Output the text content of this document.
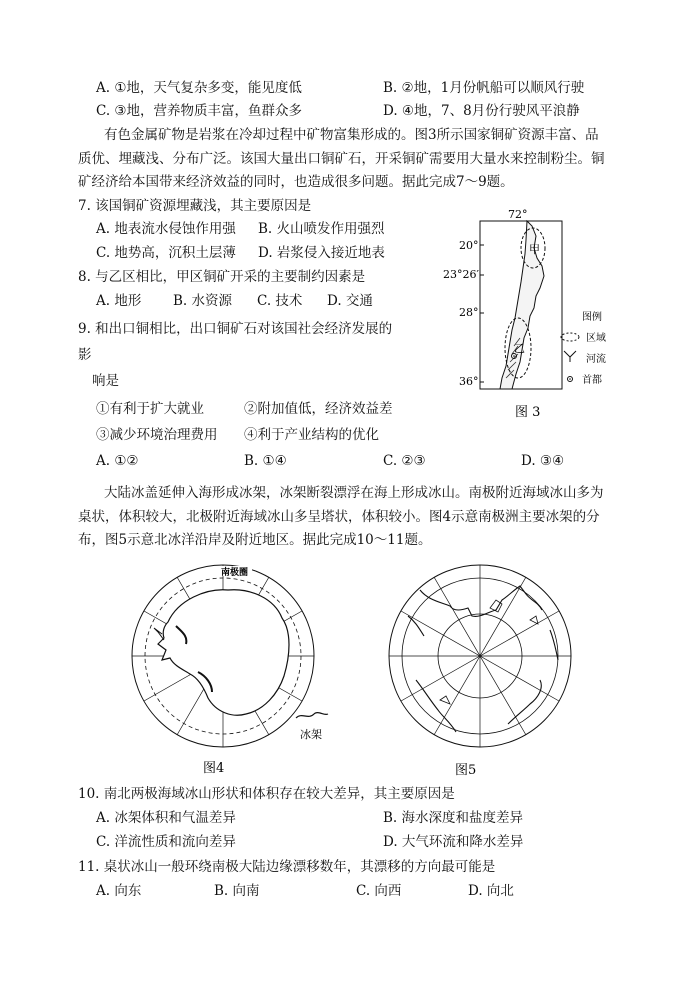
A. ①地，天气复杂多变，能见度低	B. ②地，1月份帆船可以顺风行驶
C. ③地，营养物质丰富，鱼群众多	D. ④地，7、8月份行驶风平浪静
有色金属矿物是岩浆在冷却过程中矿物富集形成的。图3所示国家铜矿资源丰富、品
质优、埋藏浅、分布广泛。该国大量出口铜矿石，开采铜矿需要用大量水来控制粉尘。铜
矿经济给本国带来经济效益的同时，也造成很多问题。据此完成7～9题。
7. 该国铜矿资源埋藏浅，其主要原因是
A. 地表流水侵蚀作用强 B. 火山喷发作用强烈
C. 地势高，沉积土层薄 D. 岩浆侵入接近地表
8. 与乙区相比，甲区铜矿开采的主要制约因素是
A. 地形 B. 水资源 C. 技术 D. 交通
9. 和出口铜相比，出口铜矿石对该国社会经济发展的
影
响是
①有利于扩大就业	②附加值低，经济效益差
③减少环境治理费用 ④利于产业结构的优化
A. ①②	B. ①④	C. ②③	D. ③④
72°
20°
23°26′
28°
36°
甲
乙
图例
区域
河流
首都
图 3
大陆冰盖延伸入海形成冰架，冰架断裂漂浮在海上形成冰山。南极附近海域冰山多为
桌状，体积较大，北极附近海域冰山多呈塔状，体积较小。图4示意南极洲主要冰架的分
布，图5示意北冰洋沿岸及附近地区。据此完成10～11题。
南极圈
冰架
图4	图5
10. 南北两极海域冰山形状和体积存在较大差异，其主要原因是
A. 冰架体积和气温差异	B. 海水深度和盐度差异
C. 洋流性质和流向差异	D. 大气环流和降水差异
11. 桌状冰山一般环绕南极大陆边缘漂移数年，其漂移的方向最可能是
A. 向东	B. 向南	C. 向西	D. 向北
